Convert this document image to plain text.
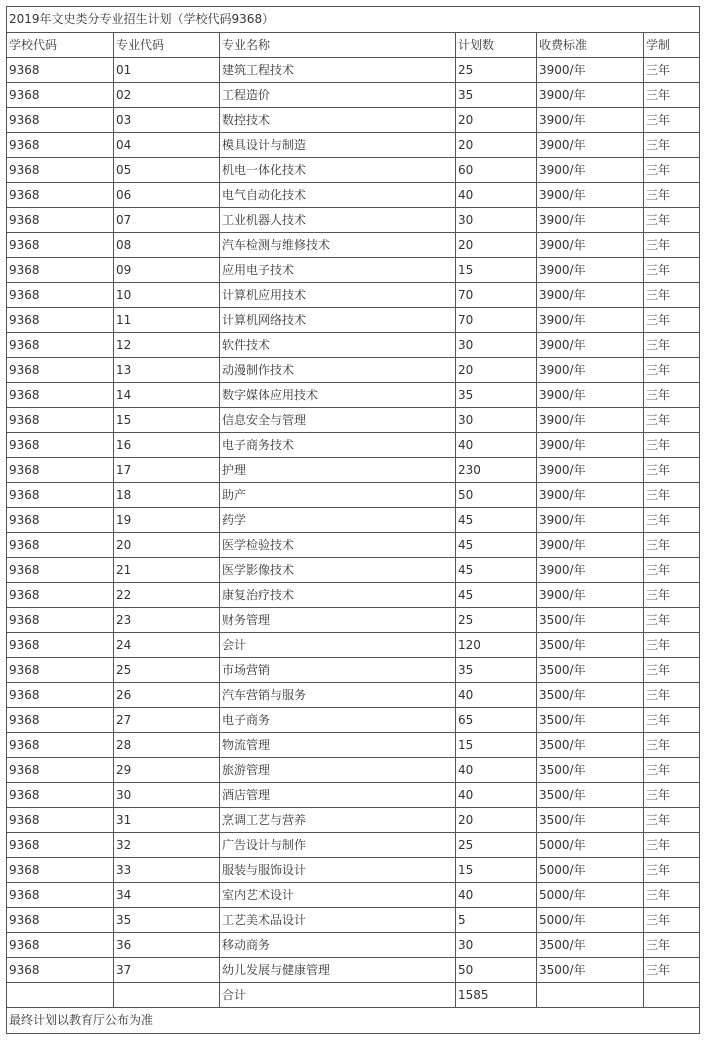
2019年文史类分专业招生计划（学校代码9368）					
学校代码	专业代码	专业名称	计划数	收费标准	学制
9368	01	建筑工程技术	25	3900/年	三年
9368	02	工程造价	35	3900/年	三年
9368	03	数控技术	20	3900/年	三年
9368	04	模具设计与制造	20	3900/年	三年
9368	05	机电一体化技术	60	3900/年	三年
9368	06	电气自动化技术	40	3900/年	三年
9368	07	工业机器人技术	30	3900/年	三年
9368	08	汽车检测与维修技术	20	3900/年	三年
9368	09	应用电子技术	15	3900/年	三年
9368	10	计算机应用技术	70	3900/年	三年
9368	11	计算机网络技术	70	3900/年	三年
9368	12	软件技术	30	3900/年	三年
9368	13	动漫制作技术	20	3900/年	三年
9368	14	数字媒体应用技术	35	3900/年	三年
9368	15	信息安全与管理	30	3900/年	三年
9368	16	电子商务技术	40	3900/年	三年
9368	17	护理	230	3900/年	三年
9368	18	助产	50	3900/年	三年
9368	19	药学	45	3900/年	三年
9368	20	医学检验技术	45	3900/年	三年
9368	21	医学影像技术	45	3900/年	三年
9368	22	康复治疗技术	45	3900/年	三年
9368	23	财务管理	25	3500/年	三年
9368	24	会计	120	3500/年	三年
9368	25	市场营销	35	3500/年	三年
9368	26	汽车营销与服务	40	3500/年	三年
9368	27	电子商务	65	3500/年	三年
9368	28	物流管理	15	3500/年	三年
9368	29	旅游管理	40	3500/年	三年
9368	30	酒店管理	40	3500/年	三年
9368	31	烹调工艺与营养	20	3500/年	三年
9368	32	广告设计与制作	25	5000/年	三年
9368	33	服装与服饰设计	15	5000/年	三年
9368	34	室内艺术设计	40	5000/年	三年
9368	35	工艺美术品设计	5	5000/年	三年
9368	36	移动商务	30	3500/年	三年
9368	37	幼儿发展与健康管理	50	3500/年	三年
		合计	1585		
最终计划以教育厅公布为准					
